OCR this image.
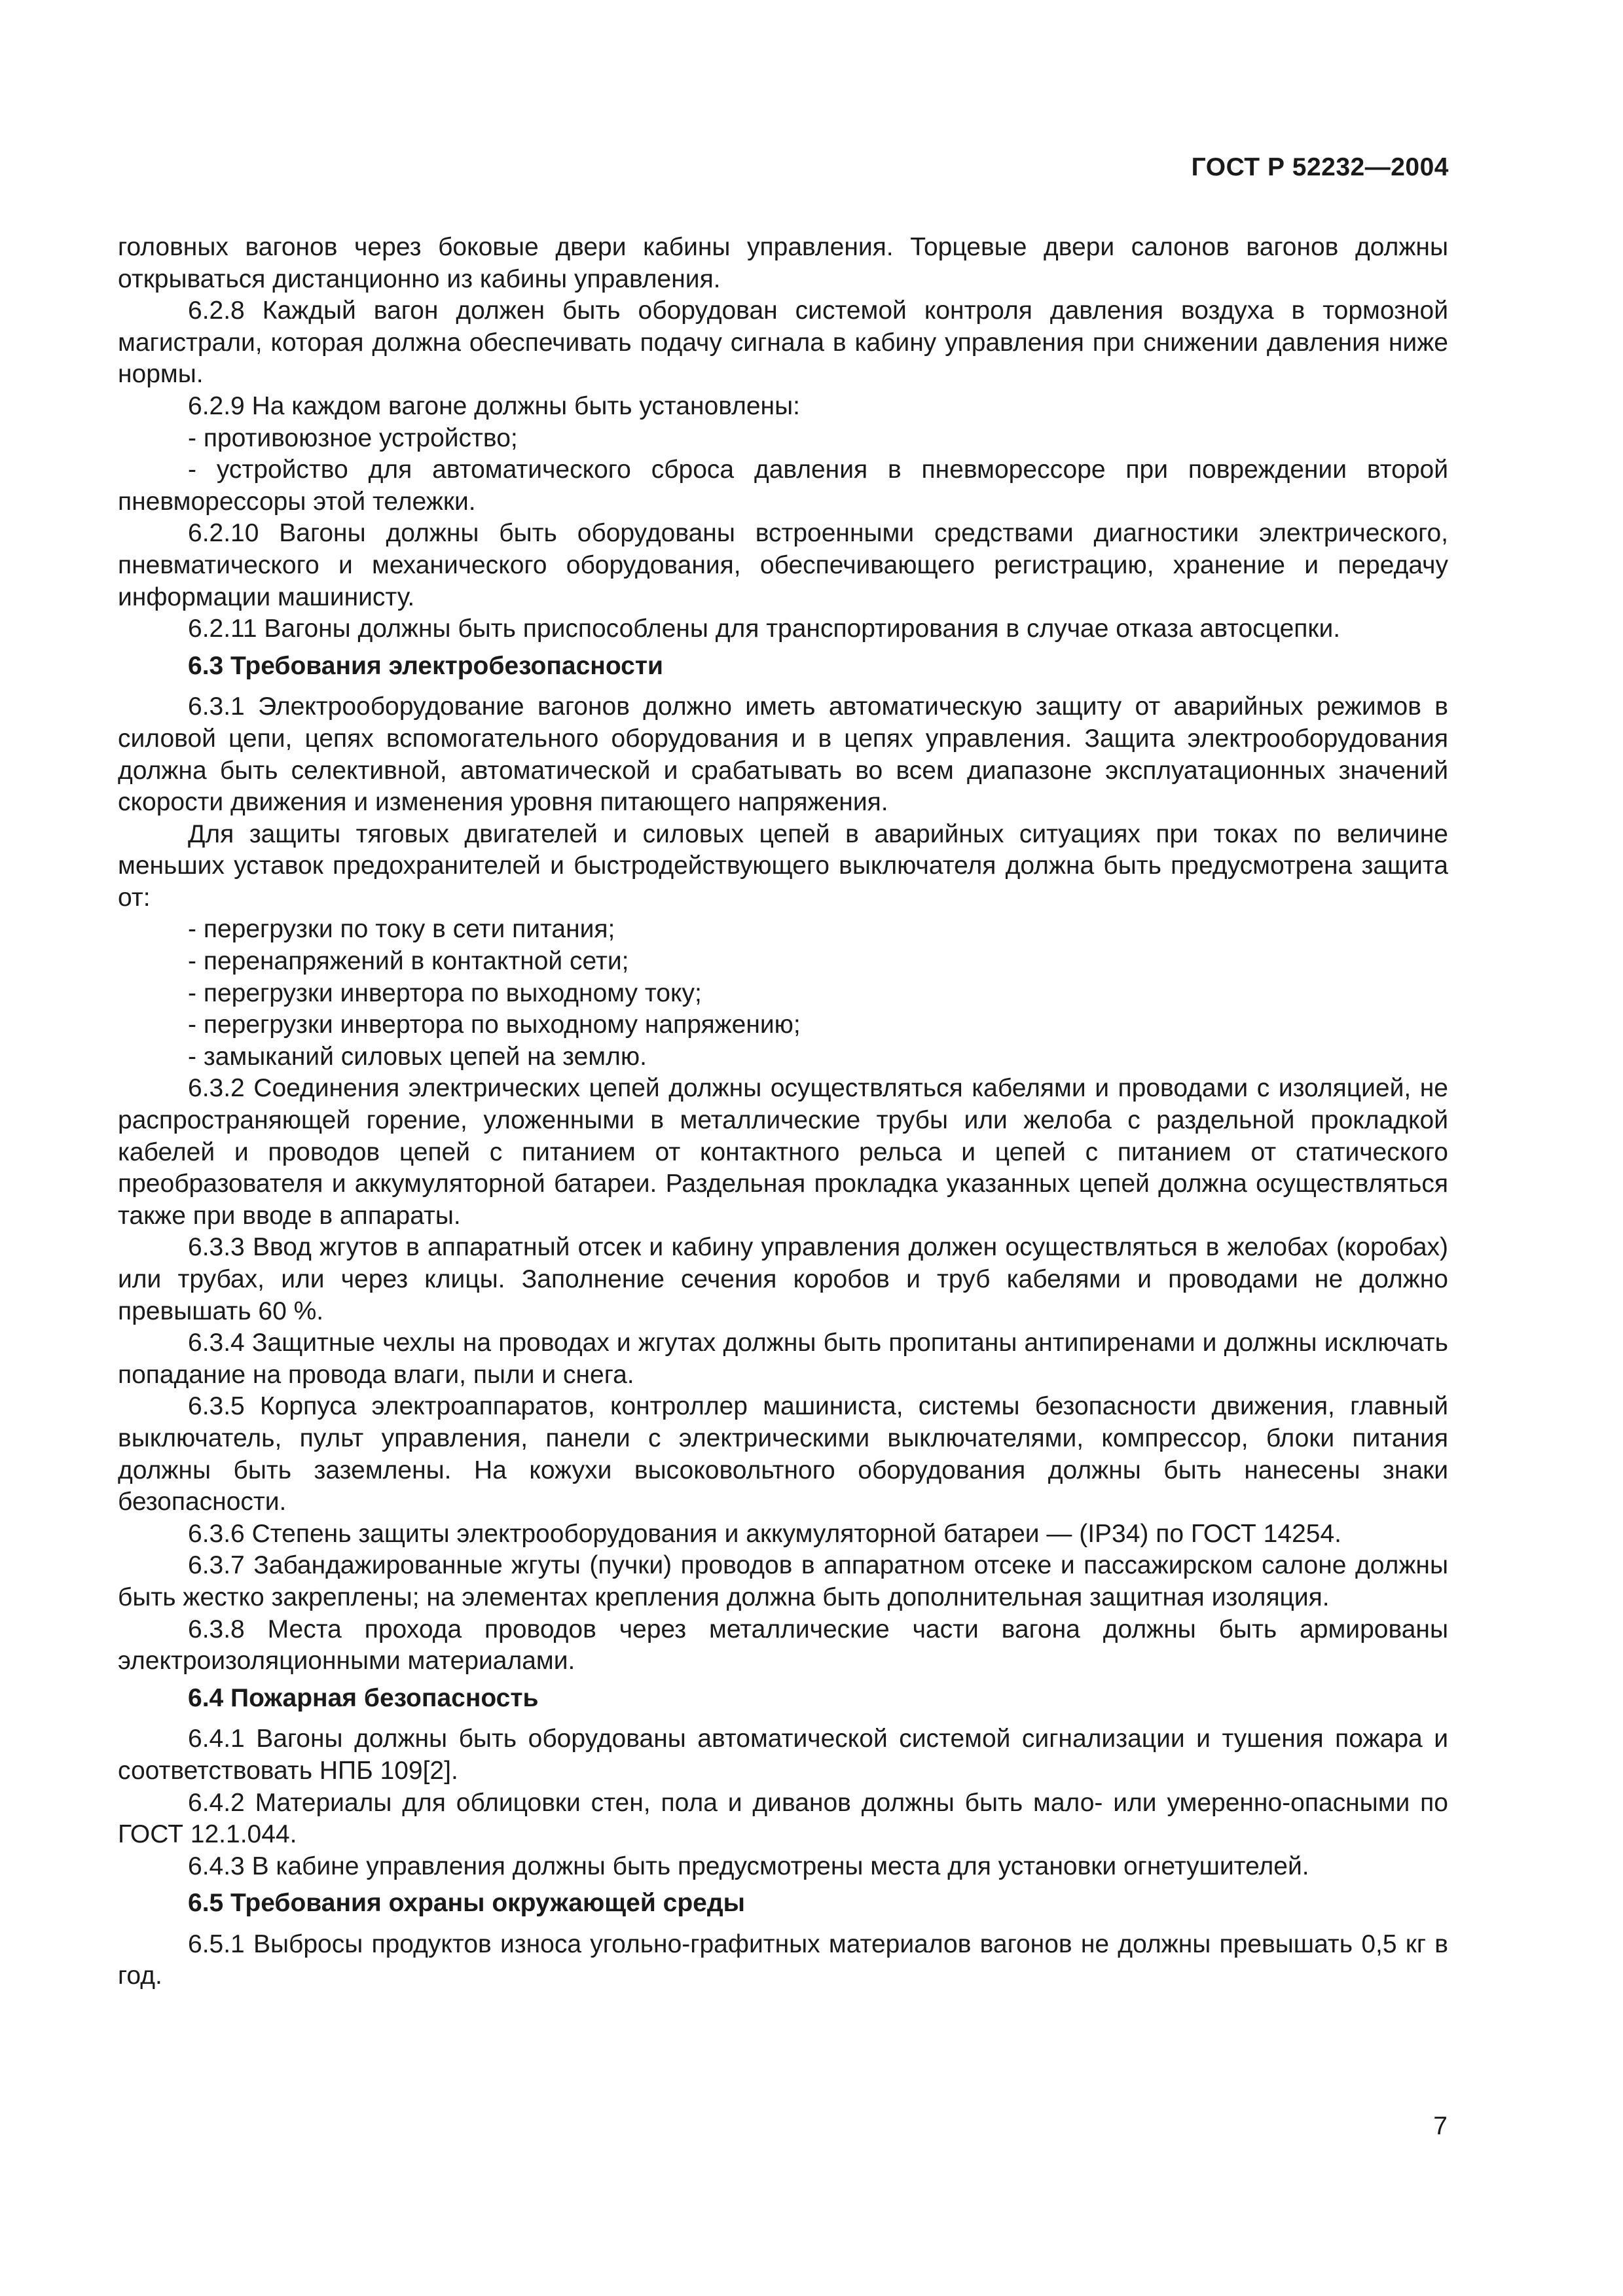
ГОСТ Р 52232—2004

головных вагонов через боковые двери кабины управления. Торцевые двери салонов вагонов должны открываться дистанционно из кабины управления.

6.2.8 Каждый вагон должен быть оборудован системой контроля давления воздуха в тормозной магистрали, которая должна обеспечивать подачу сигнала в кабину управления при снижении давления ниже нормы.

6.2.9 На каждом вагоне должны быть установлены:

- противоюзное устройство;

- устройство для автоматического сброса давления в пневморессоре при повреждении второй пневморессоры этой тележки.

6.2.10 Вагоны должны быть оборудованы встроенными средствами диагностики электрического, пневматического и механического оборудования, обеспечивающего регистрацию, хранение и передачу информации машинисту.

6.2.11 Вагоны должны быть приспособлены для транспортирования в случае отказа автосцепки.

6.3 Требования электробезопасности

6.3.1 Электрооборудование вагонов должно иметь автоматическую защиту от аварийных режимов в силовой цепи, цепях вспомогательного оборудования и в цепях управления. Защита электрооборудования должна быть селективной, автоматической и срабатывать во всем диапазоне эксплуатационных значений скорости движения и изменения уровня питающего напряжения.

Для защиты тяговых двигателей и силовых цепей в аварийных ситуациях при токах по величине меньших уставок предохранителей и быстродействующего выключателя должна быть предусмотрена защита от:

- перегрузки по току в сети питания;

- перенапряжений в контактной сети;

- перегрузки инвертора по выходному току;

- перегрузки инвертора по выходному напряжению;

- замыканий силовых цепей на землю.

6.3.2 Соединения электрических цепей должны осуществляться кабелями и проводами с изоляцией, не распространяющей горение, уложенными в металлические трубы или желоба с раздельной прокладкой кабелей и проводов цепей с питанием от контактного рельса и цепей с питанием от статического преобразователя и аккумуляторной батареи. Раздельная прокладка указанных цепей должна осуществляться также при вводе в аппараты.

6.3.3 Ввод жгутов в аппаратный отсек и кабину управления должен осуществляться в желобах (коробах) или трубах, или через клицы. Заполнение сечения коробов и труб кабелями и проводами не должно превышать 60 %.

6.3.4 Защитные чехлы на проводах и жгутах должны быть пропитаны антипиренами и должны исключать попадание на провода влаги, пыли и снега.

6.3.5 Корпуса электроаппаратов, контроллер машиниста, системы безопасности движения, главный выключатель, пульт управления, панели с электрическими выключателями, компрессор, блоки питания должны быть заземлены. На кожухи высоковольтного оборудования должны быть нанесены знаки безопасности.

6.3.6 Степень защиты электрооборудования и аккумуляторной батареи — (IP34) по ГОСТ 14254.

6.3.7 Забандажированные жгуты (пучки) проводов в аппаратном отсеке и пассажирском салоне должны быть жестко закреплены; на элементах крепления должна быть дополнительная защитная изоляция.

6.3.8 Места прохода проводов через металлические части вагона должны быть армированы электроизоляционными материалами.

6.4 Пожарная безопасность

6.4.1 Вагоны должны быть оборудованы автоматической системой сигнализации и тушения пожара и соответствовать НПБ 109[2].

6.4.2 Материалы для облицовки стен, пола и диванов должны быть мало- или умеренно-опасными по ГОСТ 12.1.044.

6.4.3 В кабине управления должны быть предусмотрены места для установки огнетушителей.

6.5 Требования охраны окружающей среды

6.5.1 Выбросы продуктов износа угольно-графитных материалов вагонов не должны превышать 0,5 кг в год.

7
